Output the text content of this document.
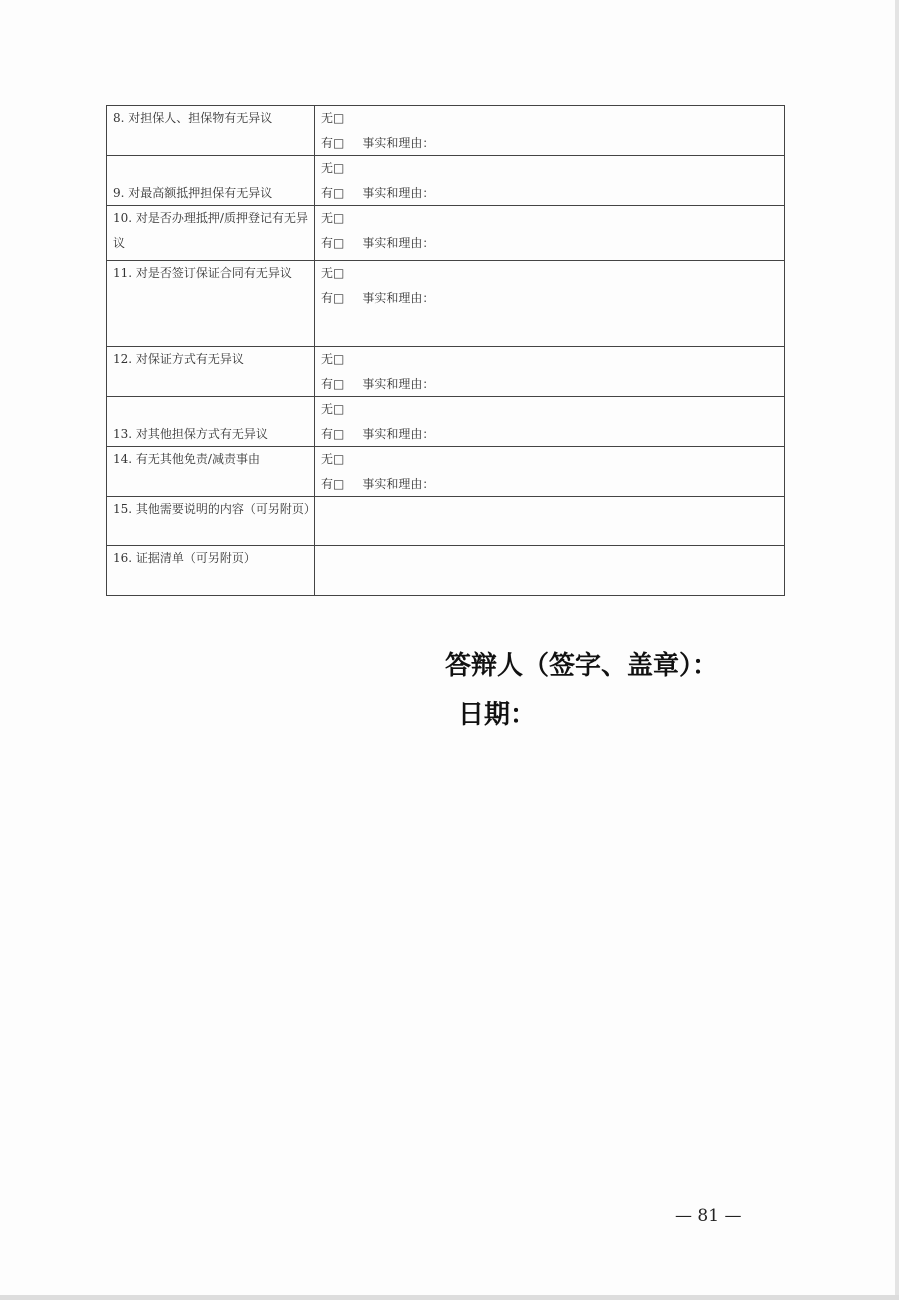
8. 对担保人、担保物有无异议	无□
有□ 事实和理由：

9. 对最高额抵押担保有无异议	无□
有□ 事实和理由：

10. 对是否办理抵押/质押登记有无异议	无□
有□ 事实和理由：

11. 对是否签订保证合同有无异议	无□
有□ 事实和理由：

12. 对保证方式有无异议	无□
有□ 事实和理由：

13. 对其他担保方式有无异议	无□
有□ 事实和理由：

14. 有无其他免责/减责事由	无□
有□ 事实和理由：

15. 其他需要说明的内容（可另附页）	
16. 证据清单（可另附页）	
答辩人（签字、盖章）：
日期：
— 81 —
